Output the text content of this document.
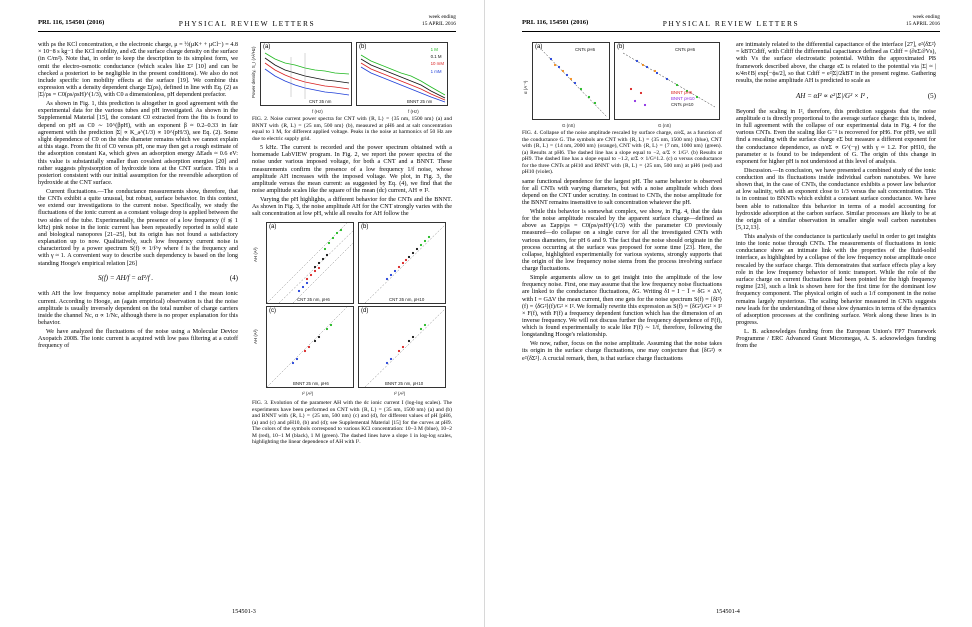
PRL 116, 154501 (2016)	PHYSICAL REVIEW LETTERS
week ending
15 APRIL 2016

with ρs the KCl concentration, e the electronic charge, μ = ½(μK+ + μCl−) = 4.8 × 10−8 s kg−1 the KCl mobility, and eΣ the surface charge density on the surface (in C/m²). Note that, in order to keep the description to its simplest form, we omit the electro-osmotic conductance (which scales like Σ² [10] and can be checked a posteriori to be negligible in the present conditions). We also do not include specific ion mobility effects at the surface [19]. We combine this expression with a density dependent charge Σ(ρs), defined in line with Eq. (2) as |Σ|/ρs = C0(ρs/ρsH)^(1/3), with C0 a dimensionless, pH dependent prefactor.

As shown in Fig. 1, this prediction is altogether in good agreement with the experimental data for the various tubes and pH investigated. As shown in the Supplemental Material [15], the constant C0 extracted from the fits is found to depend on pH as C0 ∼ 10^(βpH), with an exponent β ≈ 0.2–0.33 in fair agreement with the prediction |Σ| ∝ K_a^(1/3) ∝ 10^(pH/3), see Eq. (2). Some slight dependence of C0 on the tube diameter remains which we cannot explain at this stage. From the fit of C0 versus pH, one may then get a rough estimate of the adsorption constant Ka, which gives an adsorption energy ΔEads ≈ 0.6 eV: this value is substantially smaller than covalent adsorption energies [20] and rather suggests physisorption of hydroxide ions at the CNT surface. This is a posteriori consistent with our initial assumption for the reversible adsorption of hydroxide at the CNT surface.

Current fluctuations.—The conductance measurements show, therefore, that the CNTs exhibit a quite unusual, but robust, surface behavior. In this context, we extend our investigations to the current noise. Specifically, we study the fluctuations of the ionic current as a constant voltage drop is applied between the two sides of the tube. Experimentally, the presence of a low frequency (f ≲ 1 kHz) pink noise in the ionic current has been repeatedly reported in solid state and biological nanopores [21–25], but its origin has not found a satisfactory explanation up to now. Qualitatively, such low frequency current noise is characterized by a power spectrum S(f) ∝ 1/f^γ where f is the frequency and with γ ≈ 1. A convenient way to describe such dependency is based on the long standing Hooge's empirical relation [26]

S(f) = AH/f = αI²/f .	(4)

with AH the low frequency noise amplitude parameter and I the mean ionic current. According to Hooge, an (again empirical) observation is that the noise amplitude is usually inversely dependent on the total number of charge carriers inside the channel Nc, α ∝ 1/Nc, although there is no proper explanation for this behavior.

We have analyzed the fluctuations of the noise using a Molecular Device Axopatch 200B. The ionic current is acquired with low pass filtering at a cutoff frequency of

Power density, S_I (A²/Hz) (a)
CNT 35 nm
(b)
BNNT 25 nm
1 M
0.1 M
10 mM
1 mM
f (Hz)	f (Hz)

FIG. 2. Noise current power spectra for CNT with {R, L} = {35 nm, 1500 nm} (a) and BNNT with {R, L} = {25 nm, 500 nm} (b), measured at pH6 and at salt concentration equal to 1 M, for different applied voltage. Peaks in the noise at harmonics of 50 Hz are due to electric supply grid.

5 kHz. The current is recorded and the power spectrum obtained with a homemade LabVIEW program. In Fig. 2, we report the power spectra of the noise under various imposed voltage, for both a CNT and a BNNT. These measurements confirm the presence of a low frequency 1/f noise, whose amplitude AH increases with the imposed voltage. We plot, in Fig. 3, the amplitude versus the mean current: as suggested by Eq. (4), we find that the noise amplitude scales like the square of the mean (dc) current, AH ∝ I².

Varying the pH highlights, a different behavior for the CNTs and the BNNT. As shown in Fig. 3, the noise amplitude AH for the CNT strongly varies with the salt concentration at low pH, while all results for AH follow the

AH (A²)
AH (A²)
(a)
CNT 35 nm, pH6
(b)
CNT 35 nm, pH10
(c)
BNNT 25 nm, pH6
(d)
BNNT 25 nm, pH10
I² (A²)	I² (A²)

FIG. 3. Evolution of the parameter AH with the dc ionic current I (log-log scales). The experiments have been performed on CNT with {R, L} = {35 nm, 1500 nm} (a) and (b) and BNNT with {R, L} = {25 nm, 500 nm} (c) and (d), for different values of pH [pH6, (a) and (c) and pH10, (b) and (d); see Supplemental Material [15] for the curves at pH9. The colors of the symbols correspond to various KCl concentration: 10−3 M (blue), 10−2 M (red), 10−1 M (black), 1 M (green). The dashed lines have a slope 1 in log-log scales, highlighting the linear dependence of AH with I².

154501-3
PRL 116, 154501 (2016)	PHYSICAL REVIEW LETTERS
week ending
15 APRIL 2016
α (A⁻¹)
(a)	CNTs pH6	(b)	CNTs pH6
BNNT pH6
BNNT pH10
CNTs pH10
G (nS)	G (nS)

FIG. 4. Collapse of the noise amplitude rescaled by surface charge, α/eΣ, as a function of the conductance G. The symbols are CNT with {R, L} = {35 nm, 1500 nm} (blue), CNT with {R, L} = {14 nm, 2000 nm} (orange), CNT with {R, L} = {7 nm, 1000 nm} (green). (a) Results at pH6. The dashed line has a slope equal to −2, α/Σ ∝ 1/G². (b) Results at pH9. The dashed line has a slope equal to −1.2, α/Σ ∝ 1/G^1.2. (c) α versus conductance for the three CNTs at pH10 and BNNT with {R, L} = {25 nm, 500 nm} at pH6 (red) and pH10 (violet).

same functional dependence for the largest pH. The same behavior is observed for all CNTs with varying diameters, but with a noise amplitude which does depend on the CNT under scrutiny. In contrast to CNTs, the noise amplitude for the BNNT remains insensitive to salt concentration whatever the pH.

While this behavior is somewhat complex, we show, in Fig. 4, that the data for the noise amplitude rescaled by the apparent surface charge—defined as above as Σapp/ρs = C0(ρs/ρsH)^(1/3) with the parameter C0 previously measured—do collapse on a single curve for all the investigated CNTs with various diameters, for pH 6 and 9. The fact that the noise should originate in the process occurring at the surface was proposed for some time [23]. Here, the collapse, highlighted experimentally for various systems, strongly supports that the origin of the low frequency noise stems from the process involving surface charge fluctuations.

Simple arguments allow us to get insight into the amplitude of the low frequency noise. First, one may assume that the low frequency noise fluctuations are linked to the conductance fluctuations, δG. Writing δI = I − Ī = δG × ΔV, with I = GΔV the mean current, then one gets for the noise spectrum S(f) = ⟨δI²⟩(f) = ⟨δG²⟩(f)/G² × I². We formally rewrite this expression as S(f) = ⟨δG²⟩/G² × I² × F(f), with F(f) a frequency dependent function which has the dimension of an inverse frequency. We will not discuss further the frequency dependence of F(f), which is found experimentally to scale like F(f) ∼ 1/f, therefore, following the longstanding Hooge's relationship.

We now, rather, focus on the noise amplitude. Assuming that the noise takes its origin in the surface charge fluctuations, one may conjecture that ⟨δG²⟩ ∝ e²⟨δΣ²⟩. A crucial remark, then, is that surface charge fluctuations

are intimately related to the differential capacitance of the interface [27], e²⟨δΣ²⟩ = kBTCdiff, with Cdiff the differential capacitance defined as Cdiff = (∂eΣ/∂Vs), with Vs the surface electrostatic potential. Within the approximated PB framework described above, the charge eΣ is related to the potential via |Σ| ≈ |κ/4πℓB| exp[−ϕs/2], so that Cdiff = e²|Σ|/2kBT in the present regime. Gathering results, the noise amplitude AH is predicted to scale as

AH = αI² ∝ e²|Σ|/G² × I² ,	(5)

Beyond the scaling in I², therefore, this prediction suggests that the noise amplitude α is directly proportional to the average surface charge: this is, indeed, in full agreement with the collapse of our experimental data in Fig. 4 for the various CNTs. Even the scaling like G⁻² is recovered for pH6. For pH9, we still find a rescaling with the surface charge eΣ but measure a different exponent for the conductance dependence, as α/eΣ ∝ G^(−γ) with γ ≈ 1.2. For pH10, the parameter α is found to be independent of G. The origin of this change in exponent for higher pH is not understood at this level of analysis.

Discussion.—In conclusion, we have presented a combined study of the ionic conduction and its fluctuations inside individual carbon nanotubes. We have shown that, in the case of CNTs, the conductance exhibits a power law behavior at low salinity, with an exponent close to 1/3 versus the salt concentration. This is in contrast to BNNTs which exhibit a constant surface conductance. We have been able to rationalize this behavior in terms of a model accounting for hydroxide adsorption at the carbon surface. Similar processes are likely to be at the origin of a similar observation in smaller single wall carbon nanotubes [5,12,13].

This analysis of the conductance is particularly useful in order to get insights into the ionic noise through CNTs. The measurements of fluctuations in ionic conductance show an intimate link with the properties of the fluid-solid interface, as highlighted by a collapse of the low frequency noise amplitude once rescaled by the surface charge. This demonstrates that surface effects play a key role in the low frequency behavior of ionic transport. While the role of the surface charge on current fluctuations had been pointed for the high frequency regime [23], such a link is shown here for the first time for the dominant low frequency component. The physical origin of such a 1/f component in the noise remains largely mysterious. The scaling behavior measured in CNTs suggests new leads for the understanding of these slow dynamics in terms of the dynamics of adsorption processes at the confining surface. Work along these lines is in progress.

L. B. acknowledges funding from the European Union's FP7 Framework Programme / ERC Advanced Grant Micromegas, A. S. acknowledges funding from the

154501-4
